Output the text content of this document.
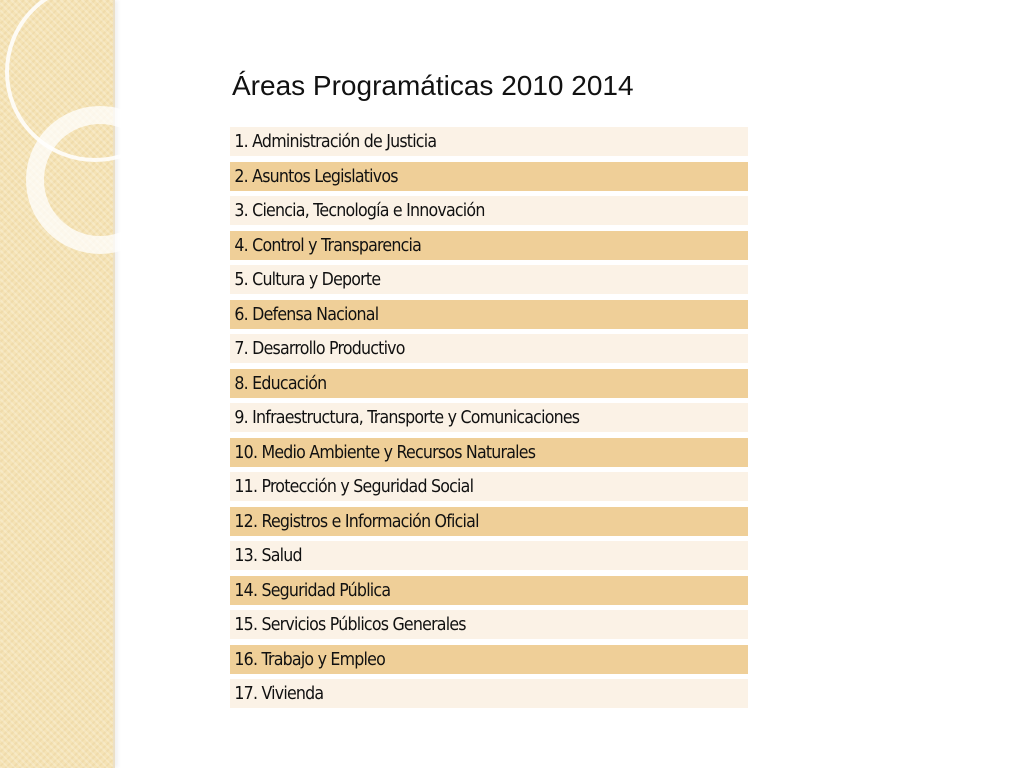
Áreas Programáticas 2010 2014
1. Administración de Justicia
2. Asuntos Legislativos
3. Ciencia, Tecnología e Innovación
4. Control y Transparencia
5. Cultura y Deporte
6. Defensa Nacional
7. Desarrollo Productivo
8. Educación
9. Infraestructura, Transporte y Comunicaciones
10. Medio Ambiente y Recursos Naturales
11. Protección y Seguridad Social
12. Registros e Información Oficial
13. Salud
14. Seguridad Pública
15. Servicios Públicos Generales
16. Trabajo y Empleo
17. Vivienda
